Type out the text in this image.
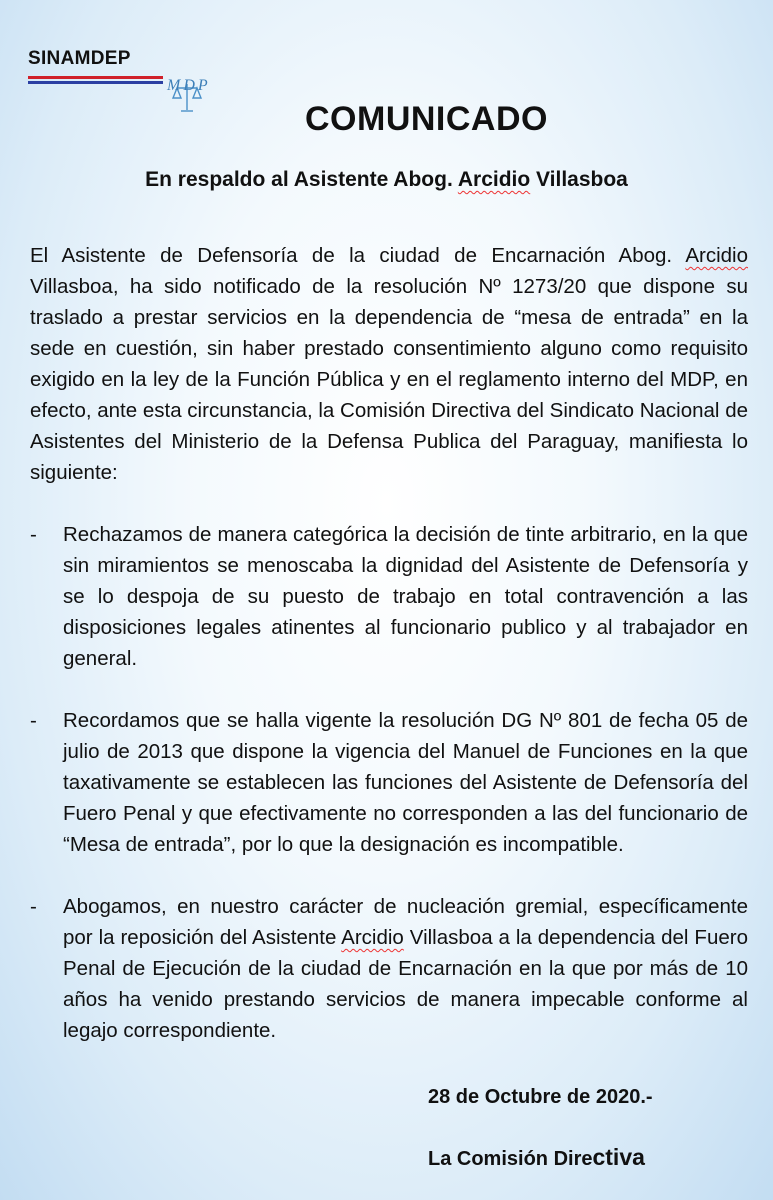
SINAMDEP
MDP
COMUNICADO
En respaldo al Asistente Abog. Arcidio Villasboa

El Asistente de Defensoría de la ciudad de Encarnación Abog. Arcidio Villasboa, ha sido notificado de la resolución Nº 1273/20 que dispone su traslado a prestar servicios en la dependencia de “mesa de entrada” en la sede en cuestión, sin haber prestado consentimiento alguno como requisito exigido en la ley de la Función Pública y en el reglamento interno del MDP, en efecto, ante esta circunstancia, la Comisión Directiva del Sindicato Nacional de Asistentes del Ministerio de la Defensa Publica del Paraguay, manifiesta lo siguiente:

-	Rechazamos de manera categórica la decisión de tinte arbitrario, en la que sin miramientos se menoscaba la dignidad del Asistente de Defensoría y se lo despoja de su puesto de trabajo en total contravención a las disposiciones legales atinentes al funcionario publico y al trabajador en general.
-	Recordamos que se halla vigente la resolución DG Nº 801 de fecha 05 de julio de 2013 que dispone la vigencia del Manuel de Funciones en la que taxativamente se establecen las funciones del Asistente de Defensoría del Fuero Penal y que efectivamente no corresponden a las del funcionario de “Mesa de entrada”, por lo que la designación es incompatible.
-	Abogamos, en nuestro carácter de nucleación gremial, específicamente por la reposición del Asistente Arcidio Villasboa a la dependencia del Fuero Penal de Ejecución de la ciudad de Encarnación en la que por más de 10 años ha venido prestando servicios de manera impecable conforme al legajo correspondiente.
28 de Octubre de 2020.-
La Comisión Directiva
